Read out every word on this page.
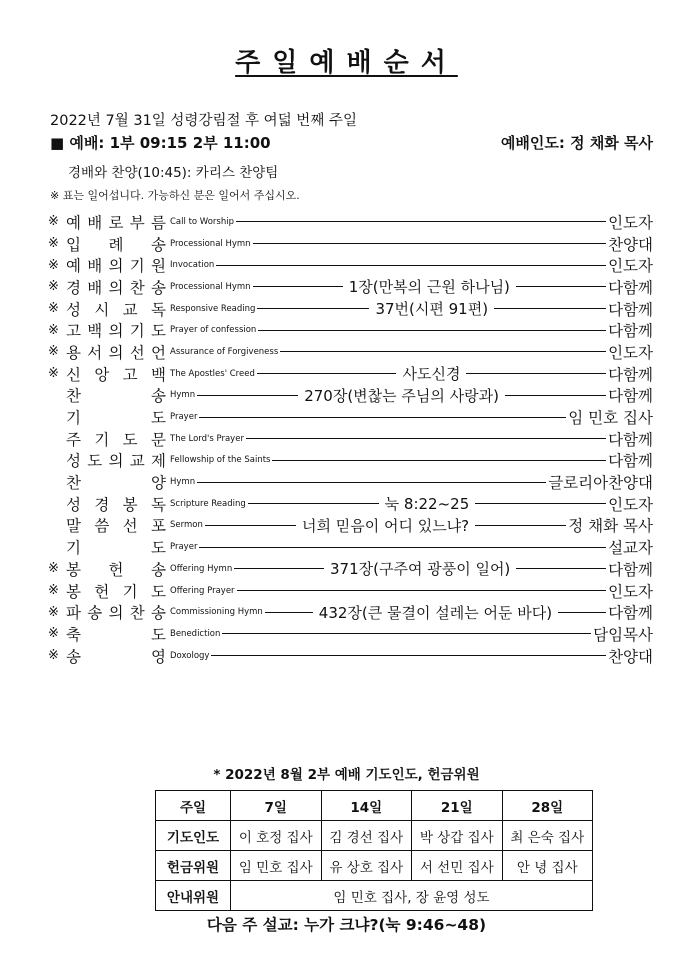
주일예배순서
2022년 7월 31일 성령강림절 후 여덟 번째 주일
■ 예배: 1부 09:15 2부 11:00	예배인도: 정 채화 목사
경배와 찬양(10:45): 카리스 찬양팀
※ 표는 일어섭니다. 가능하신 분은 일어서 주십시오.
※ 예 배 로 부 름 Call to Worship	인도자
※ 입 례 송 Processional Hymn	찬양대
※ 예 배 의 기 원 Invocation	인도자
※ 경 배 의 찬 송 Processional Hymn	1장(만복의 근원 하나님)	다함께
※ 성 시 교 독 Responsive Reading	37번(시편 91편)	다함께
※ 고 백 의 기 도 Prayer of confession	다함께
※ 용 서 의 선 언 Assurance of Forgiveness	인도자
※ 신 앙 고 백 The Apostles' Creed	사도신경	다함께
찬	송 Hymn	270장(변찮는 주님의 사랑과)	다함께
기	도 Prayer	임 민호 집사
주 기 도 문 The Lord's Prayer	다함께
성 도 의 교 제 Fellowship of the Saints	다함께
찬	양 Hymn	글로리아찬양대
성 경 봉 독 Scripture Reading	눅 8:22~25	인도자
말 씀 선 포 Sermon	너희 믿음이 어디 있느냐?	정 채화 목사
기	도 Prayer	설교자
※ 봉 헌 송 Offering Hymn	371장(구주여 광풍이 일어)	다함께
※ 봉 헌 기 도 Offering Prayer	인도자
※ 파 송 의 찬 송 Commissioning Hymn	432장(큰 물결이 설레는 어둔 바다)	다함께
※ 축	도 Benediction	담임목사
※ 송	영 Doxology	찬양대
* 2022년 8월 2부 예배 기도인도, 헌금위원
주일	7일	14일	21일	28일
기도인도	이 호정 집사	김 경선 집사	박 상갑 집사	최 은숙 집사
헌금위원	임 민호 집사	유 상호 집사	서 선민 집사	안 녕 집사
안내위원	임 민호 집사, 장 윤영 성도			
다음 주 설교: 누가 크냐?(눅 9:46~48)
